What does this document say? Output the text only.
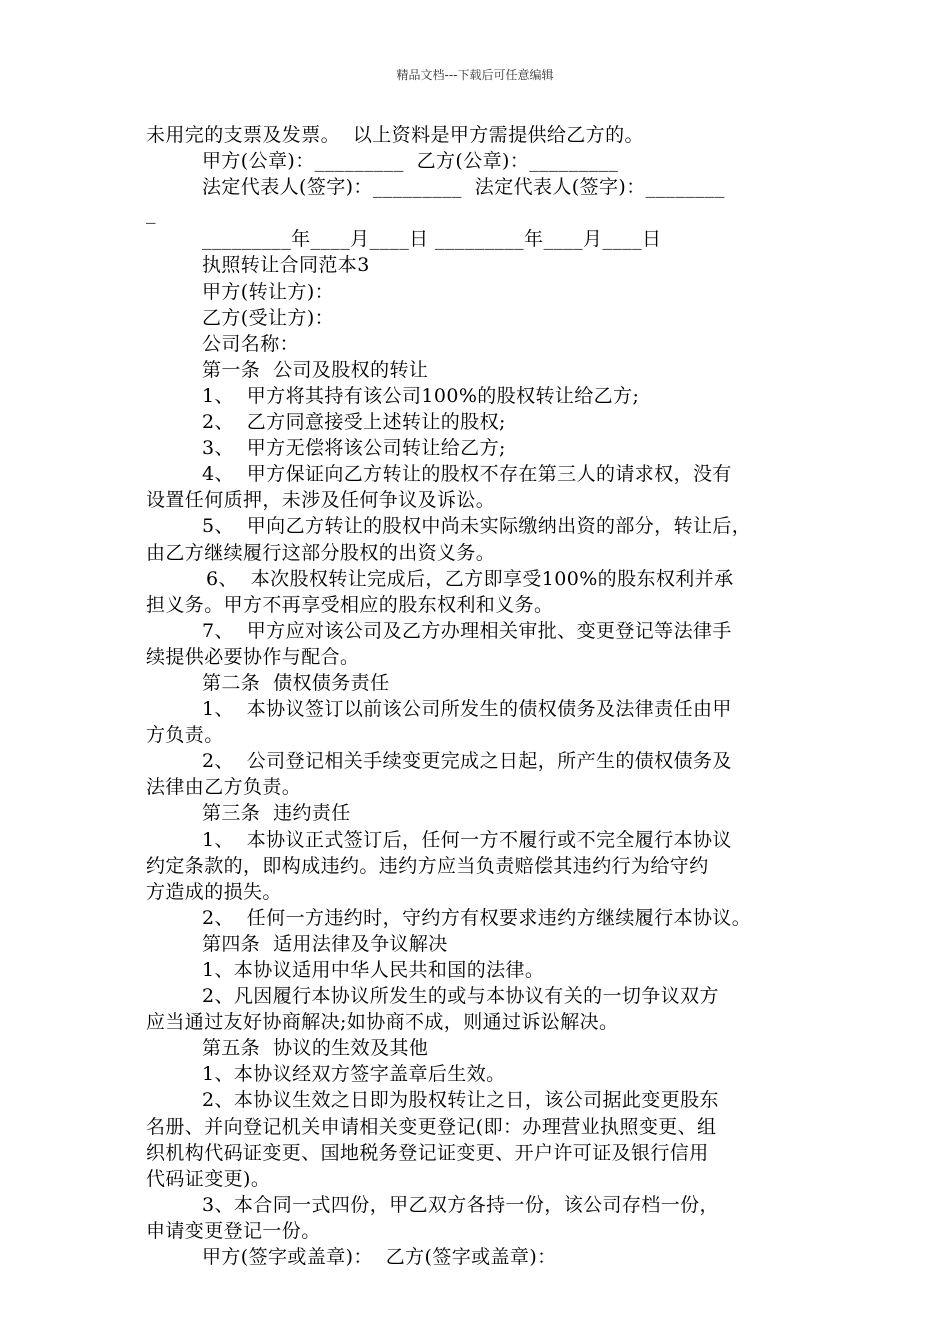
精品文档---下载后可任意编辑
未用完的支票及发票。  以上资料是甲方需提供给乙方的。
甲方(公章)：_________  乙方(公章)：_________
法定代表人(签字)：_________  法定代表人(签字)：________
_
_________年____月____日 _________年____月____日
执照转让合同范本3
甲方(转让方)：
乙方(受让方)：
公司名称：
第一条  公司及股权的转让
1、  甲方将其持有该公司100%的股权转让给乙方;
2、  乙方同意接受上述转让的股权;
3、  甲方无偿将该公司转让给乙方;
4、  甲方保证向乙方转让的股权不存在第三人的请求权，没有
设置任何质押，未涉及任何争议及诉讼。
5、  甲向乙方转让的股权中尚未实际缴纳出资的部分，转让后，
由乙方继续履行这部分股权的出资义务。
6、  本次股权转让完成后，乙方即享受100%的股东权利并承
担义务。甲方不再享受相应的股东权利和义务。
7、  甲方应对该公司及乙方办理相关审批、变更登记等法律手
续提供必要协作与配合。
第二条  债权债务责任
1、  本协议签订以前该公司所发生的债权债务及法律责任由甲
方负责。
2、  公司登记相关手续变更完成之日起，所产生的债权债务及
法律由乙方负责。
第三条  违约责任
1、  本协议正式签订后，任何一方不履行或不完全履行本协议
约定条款的，即构成违约。违约方应当负责赔偿其违约行为给守约
方造成的损失。
2、  任何一方违约时，守约方有权要求违约方继续履行本协议。
第四条  适用法律及争议解决
1、本协议适用中华人民共和国的法律。
2、凡因履行本协议所发生的或与本协议有关的一切争议双方
应当通过友好协商解决;如协商不成，则通过诉讼解决。
第五条  协议的生效及其他
1、本协议经双方签字盖章后生效。
2、本协议生效之日即为股权转让之日，该公司据此变更股东
名册、并向登记机关申请相关变更登记(即：办理营业执照变更、组
织机构代码证变更、国地税务登记证变更、开户许可证及银行信用
代码证变更)。
3、本合同一式四份，甲乙双方各持一份，该公司存档一份，
申请变更登记一份。
甲方(签字或盖章)：  乙方(签字或盖章)：
